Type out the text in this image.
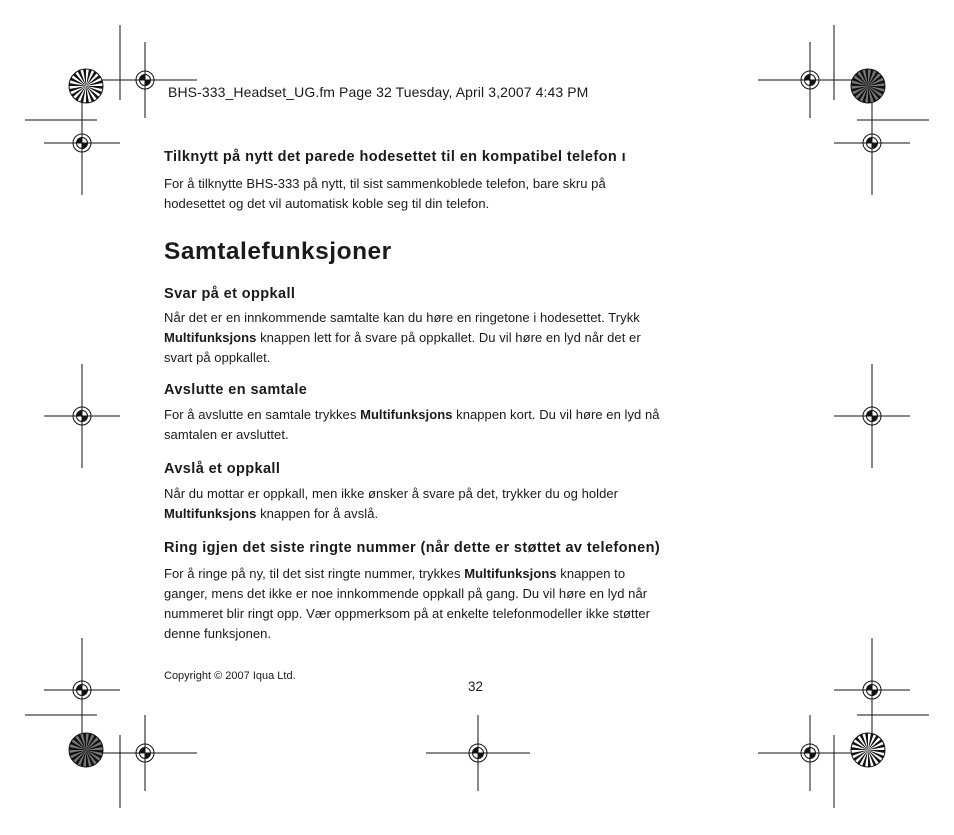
BHS-333_Headset_UG.fm Page 32 Tuesday, April 3,2007 4:43 PM
Tilknytt på nytt det parede hodesettet til en kompatibel telefon ı
For å tilknytte BHS-333 på nytt, til sist sammenkoblede telefon, bare skru på
hodesettet og det vil automatisk koble seg til din telefon.
Samtalefunksjoner
Svar på et oppkall
Når det er en innkommende samtalte kan du høre en ringetone i hodesettet. Trykk
Multifunksjons knappen lett for å svare på oppkallet. Du vil høre en lyd når det er
svart på oppkallet.
Avslutte en samtale
For å avslutte en samtale trykkes Multifunksjons knappen kort. Du vil høre en lyd nå
samtalen er avsluttet.
Avslå et oppkall
Når du mottar er oppkall, men ikke ønsker å svare på det, trykker du og holder
Multifunksjons knappen for å avslå.
Ring igjen det siste ringte nummer (når dette er støttet av telefonen)
For å ringe på ny, til det sist ringte nummer, trykkes Multifunksjons knappen to
ganger, mens det ikke er noe innkommende oppkall på gang. Du vil høre en lyd når
nummeret blir ringt opp. Vær oppmerksom på at enkelte telefonmodeller ikke støtter
denne funksjonen.
Copyright © 2007 Iqua Ltd.
32
